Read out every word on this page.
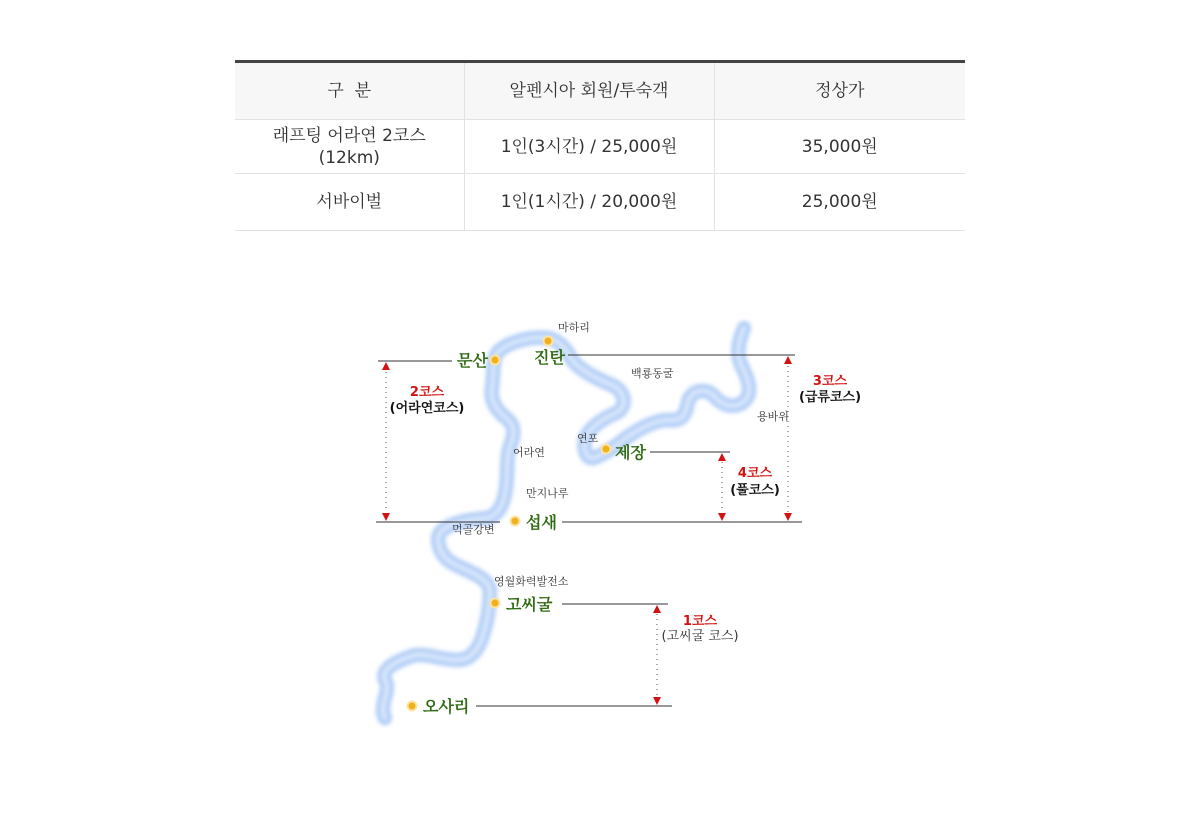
구  분	알펜시아 회원/투숙객	정상가
래프팅 어라연 2코스
(12km)	1인(3시간) / 25,000원	35,000원
서바이벌	1인(1시간) / 20,000원	25,000원
문산	진탄
제장
섭새
고씨굴
오사리
마하리
백룡동굴
용바위
연포
어라연
만지나루
먹골강변
영월화력발전소
2코스
(어라연코스)
3코스
(급류코스)
4코스
(풀코스)
1코스
(고씨굴 코스)
